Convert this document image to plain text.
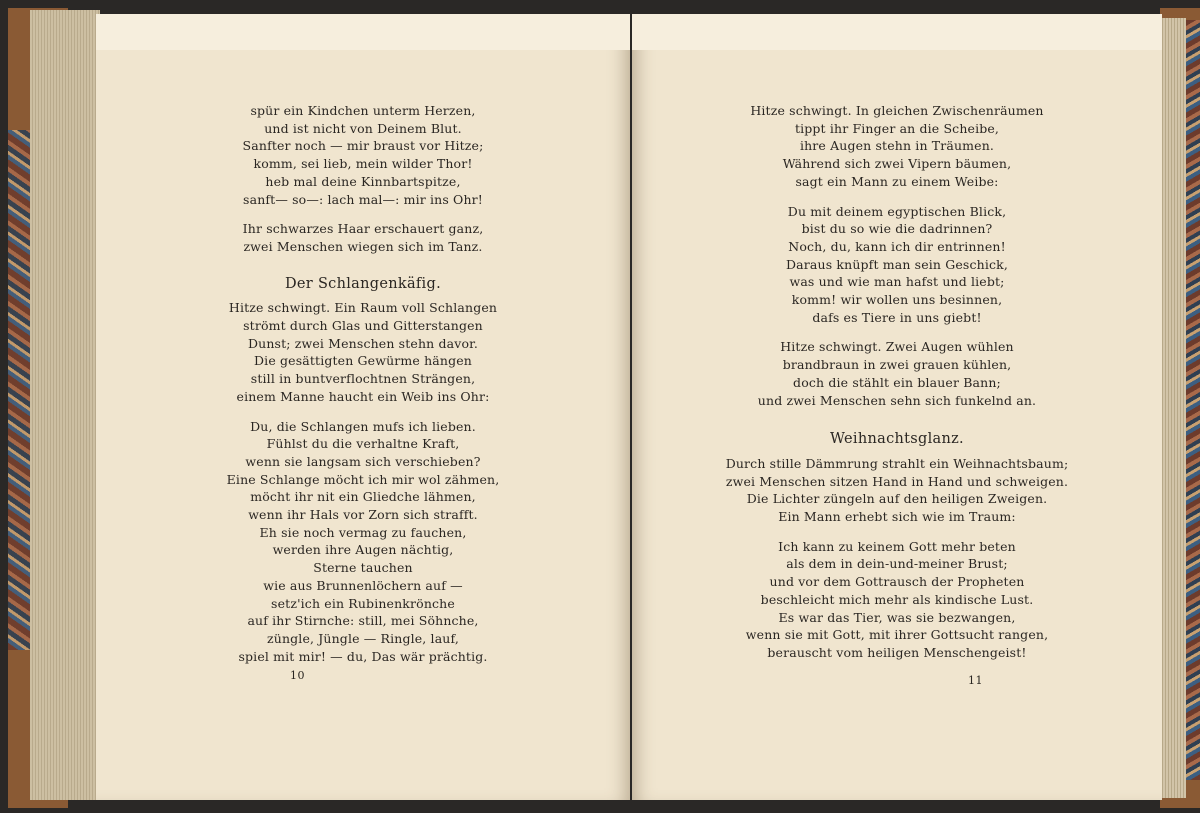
spür ein Kindchen unterm Herzen,
und ist nicht von Deinem Blut.
Sanfter noch — mir braust vor Hitze;
komm, sei lieb, mein wilder Thor!
heb mal deine Kinnbartspitze,
sanft— so—: lach mal—: mir ins Ohr!
Ihr schwarzes Haar erschauert ganz,
zwei Menschen wiegen sich im Tanz.
Der Schlangenkäfig.
Hitze schwingt. Ein Raum voll Schlangen
strömt durch Glas und Gitterstangen
Dunst; zwei Menschen stehn davor.
Die gesättigten Gewürme hängen
still in buntverflochtnen Strängen,
einem Manne haucht ein Weib ins Ohr:
Du, die Schlangen mufs ich lieben.
Fühlst du die verhaltne Kraft,
wenn sie langsam sich verschieben?
Eine Schlange möcht ich mir wol zähmen,
möcht ihr nit ein Gliedche lähmen,
wenn ihr Hals vor Zorn sich strafft.
Eh sie noch vermag zu fauchen,
werden ihre Augen nächtig,
Sterne tauchen
wie aus Brunnenlöchern auf —
setz'ich ein Rubinenkrönche
auf ihr Stirnche: still, mei Söhnche,
züngle, Jüngle — Ringle, lauf,
spiel mit mir! — du, Das wär prächtig.
10
Hitze schwingt. In gleichen Zwischenräumen
tippt ihr Finger an die Scheibe,
ihre Augen stehn in Träumen.
Während sich zwei Vipern bäumen,
sagt ein Mann zu einem Weibe:
Du mit deinem egyptischen Blick,
bist du so wie die dadrinnen?
Noch, du, kann ich dir entrinnen!
Daraus knüpft man sein Geschick,
was und wie man hafst und liebt;
komm! wir wollen uns besinnen,
dafs es Tiere in uns giebt!
Hitze schwingt. Zwei Augen wühlen
brandbraun in zwei grauen kühlen,
doch die stählt ein blauer Bann;
und zwei Menschen sehn sich funkelnd an.
Weihnachtsglanz.
Durch stille Dämmrung strahlt ein Weihnachtsbaum;
zwei Menschen sitzen Hand in Hand und schweigen.
Die Lichter züngeln auf den heiligen Zweigen.
Ein Mann erhebt sich wie im Traum:
Ich kann zu keinem Gott mehr beten
als dem in dein-und-meiner Brust;
und vor dem Gottrausch der Propheten
beschleicht mich mehr als kindische Lust.
Es war das Tier, was sie bezwangen,
wenn sie mit Gott, mit ihrer Gottsucht rangen,
berauscht vom heiligen Menschengeist!
11
